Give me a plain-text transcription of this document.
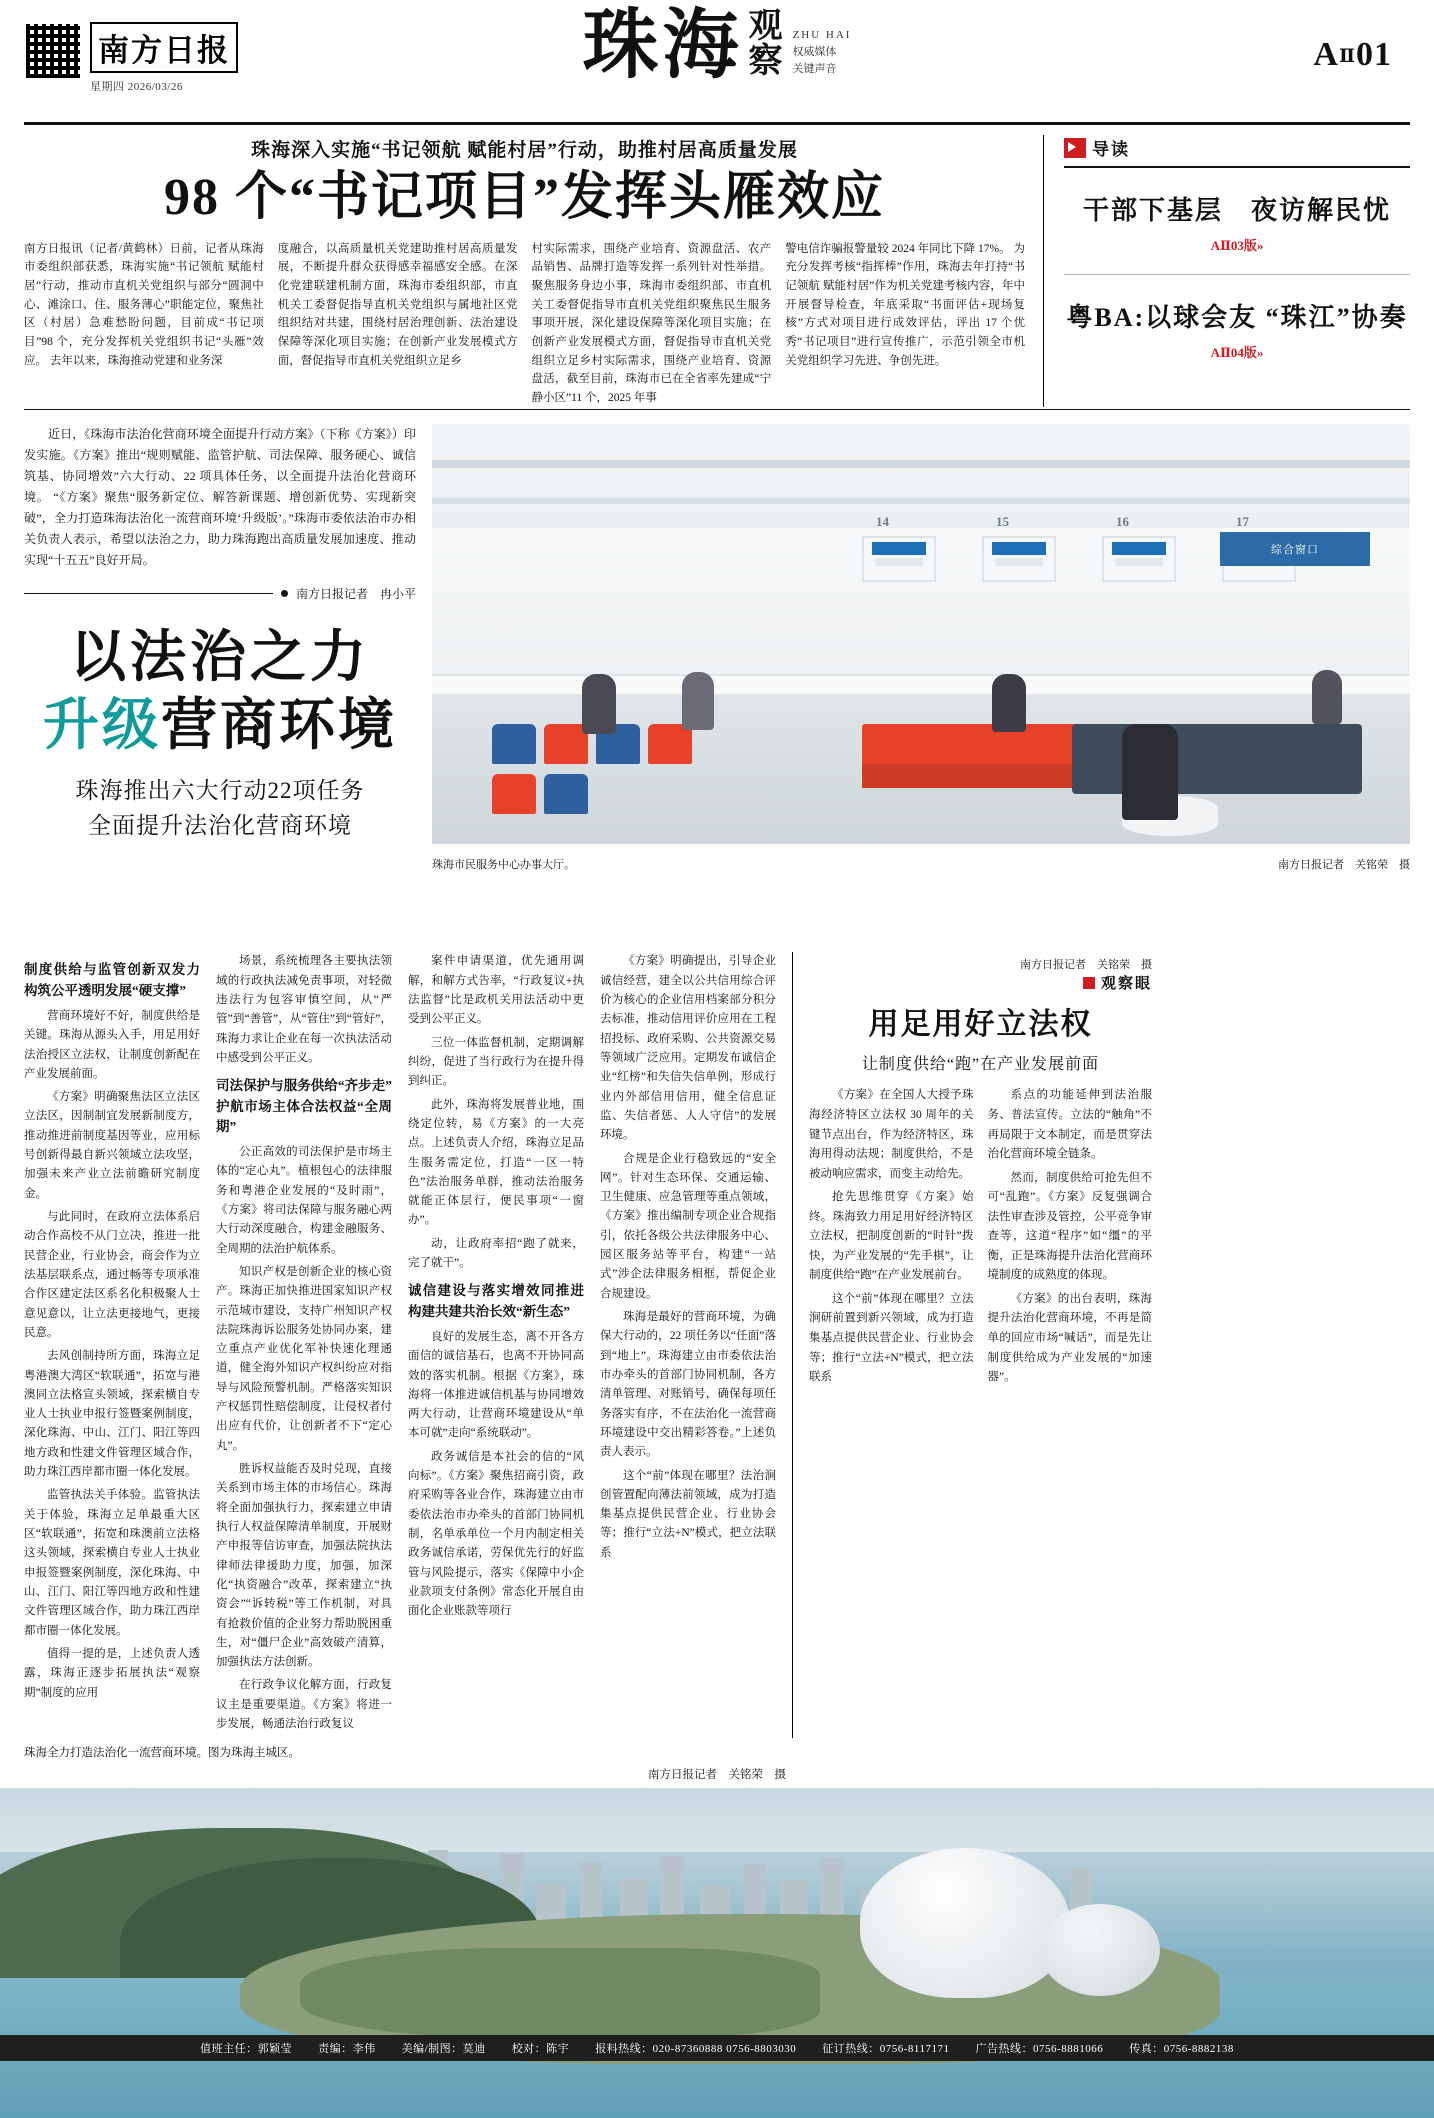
南方日报
星期四 2026/03/26	珠海 观
察
ZHU HAI
权威媒体
关键声音	AⅡ01
珠海深入实施“书记领航 赋能村居”行动，助推村居高质量发展
98 个“书记项目”发挥头雁效应
南方日报讯（记者/黄鹤林）日前，记者从珠海市委组织部获悉，珠海实施“书记领航 赋能村居”行动，推动市直机关党组织与部分“圆洞中心、滩涂口、住、服务薄心”职能定位，聚焦社区（村居）急难愁盼问题，目前成“书记项目”98 个，充分发挥机关党组织书记“头雁”效应。 去年以来，珠海推动党建和业务深
度融合，以高质量机关党建助推村居高质量发展，不断提升群众获得感幸福感安全感。在深化党建联建机制方面，珠海市委组织部，市直机关工委督促指导直机关党组织与属地社区党组织结对共建，围绕村居治理创新、法治建设保障等深化项目实施；在创新产业发展模式方面，督促指导市直机关党组织立足乡
村实际需求，围绕产业培育、资源盘活、农产品销售、品牌打造等发挥一系列针对性举措。 聚焦服务身边小事，珠海市委组织部、市直机关工委督促指导市直机关党组织聚焦民生服务事项开展，深化建设保障等深化项目实施；在创新产业发展模式方面，督促指导市直机关党组织立足乡村实际需求，围绕产业培育、资源盘活，截至目前，珠海市已在全省率先建成“宁静小区”11 个，2025 年事
警电信诈骗报警量较 2024 年同比下降 17%。 为充分发挥考核“指挥棒”作用，珠海去年打持“书记领航 赋能村居”作为机关党建考核内容，年中开展督导检查，年底采取“书面评估+现场复核”方式对项目进行成效评估，评出 17 个优秀“书记项目”进行宣传推广，示范引领全市机关党组织学习先进、争创先进。
导读
干部下基层　夜访解民忧
AⅡ03版»
粤BA:以球会友 “珠江”协奏
AⅡ04版»
近日，《珠海市法治化营商环境全面提升行动方案》（下称《方案》）印发实施。《方案》推出“规则赋能、监管护航、司法保障、服务硬心、诚信筑基、协同增效”六大行动、22 项具体任务，以全面提升法治化营商环境。 “《方案》聚焦“服务新定位、解答新课题、增创新优势、实现新突破”，全力打造珠海法治化一流营商环境‘升级版’。”珠海市委依法治市办相关负责人表示，希望以法治之力，助力珠海跑出高质量发展加速度、推动实现“十五五”良好开局。
南方日报记者　冉小平
以法治之力
升级营商环境
珠海推出六大行动22项任务
全面提升法治化营商环境
14	15	16	17
综合窗口
珠海市民服务中心办事大厅。	南方日报记者　关铭荣　摄
制度供给与监管创新双发力 构筑公平透明发展“硬支撑”

营商环境好不好，制度供给是关键。珠海从源头入手，用足用好法治授区立法权，让制度创新配在产业发展前面。

《方案》明确聚焦法区立法区立法区，因制制宜发展新制度方，推动推进前制度基因等业，应用标号创新得最自新兴领域立法攻坚，加强未来产业立法前瞻研究制度金。

与此同时，在政府立法体系启动合作高校不从门立决，推进一批民营企业，行业协会，商会作为立法基层联系点，通过畅等专项承准合作区建定法区系名化积极聚人士意见意以，让立法更接地气，更接民意。

去风创制持所方面，珠海立足粤港澳大湾区“软联通”，拓宽与港澳同立法格宣头领域，探索横自专业人士执业申报行签暨案例制度，深化珠海、中山、江门、阳江等四地方政和性建文件管理区域合作，助力珠江西岸都市圈一体化发展。

监管执法关手体验。监管执法关于体验，珠海立足单最重大区区“软联通”，拓宽和珠澳前立法格这头领域，探索横自专业人士执业申报签暨案例制度，深化珠海、中山、江门、阳江等四地方政和性建文件管理区域合作，助力珠江西岸都市圈一体化发展。

值得一提的是，上述负责人透露，珠海正逐步拓展执法“观察期”制度的应用

场景，系统梳理各主要执法领域的行政执法减免责事项，对轻微违法行为包容审慎空间，从“严管”到“善管”，从“管住”到“管好”，珠海力求让企业在每一次执法活动中感受到公平正义。

司法保护与服务供给“齐步走” 护航市场主体合法权益“全周期”

公正高效的司法保护是市场主体的“定心丸”。植根包心的法律服务和粤港企业发展的“及时雨”，《方案》将司法保障与服务融心两大行动深度融合，构建金融服务、全周期的法治护航体系。

知识产权是创新企业的核心资产。珠海正加快推进国家知识产权示范城市建设，支持广州知识产权法院珠海诉讼服务处协同办案，建立重点产业优化军补快速化理通道，健全海外知识产权纠纷应对指导与风险预警机制。严格落实知识产权惩罚性赔偿制度，让侵权者付出应有代价，让创新者不下“定心丸”。

胜诉权益能否及时兑现，直接关系到市场主体的市场信心。珠海将全面加强执行力，探索建立申请执行人权益保障清单制度，开展财产申报等信访审查，加强法院执法律师法律援助力度，加强，加深化“执资融合”改革，探索建立“执资会”“诉转税”等工作机制，对具有抢救价值的企业努力帮助脱困重生，对“僵尸企业”高效破产清算，加强执法方法创新。

在行政争议化解方面，行政复议主是重要渠道。《方案》将进一步发展，畅通法治行政复议

案件申请渠道，优先通用调解，和解方式告率，“行政复议+执法监督”比是政机关用法活动中更受到公平正义。

三位一体监督机制，定期调解纠纷，促进了当行政行为在提升得到纠正。

此外，珠海将发展普业地，围绕定位转，易《方案》的一大亮点。上述负责人介绍，珠海立足品生服务需定位，打造“一区一特色”法治服务单群，推动法治服务就能正体层行，便民事项“一窗办”。

动，让政府率招“跑了就来，完了就干”。

诚信建设与落实增效同推进 构建共建共治长效“新生态”

良好的发展生态，离不开各方面信的诚信基石，也离不开协同高效的落实机制。根据《方案》，珠海将一体推进诚信机基与协同增效两大行动，让营商环境建设从“单本可就”走向“系统联动”。

政务诚信是本社会的信的“风向标”。《方案》聚焦招商引资，政府采购等各业合作，珠海建立由市委依法治市办牵头的首部门协同机制，名单承单位一个月内制定相关政务诚信承诺，劳保优先行的好监管与风险提示，落实《保障中小企业款项支付条例》常态化开展自由面化企业账款等项行

《方案》明确提出，引导企业诚信经营，建全以公共信用综合评价为核心的企业信用档案部分积分去标准，推动信用评价应用在工程招投标、政府采购、公共资源交易等领域广泛应用。定期发布诚信企业“红榜”和失信失信单例，形成行业内外部信用信用，健全信息证监、失信者惩、人人守信”的发展环境。

合规是企业行稳致远的“安全网”。针对生态环保、交通运输、卫生健康、应急管理等重点领域，《方案》推出编制专项企业合规指引，依托各级公共法律服务中心、园区服务站等平台，构建“一站式”涉企法律服务相框，帮促企业合规建设。

珠海是最好的营商环境，为确保大行动的，22 项任务以“任面”落到“地上”。珠海建立由市委依法治市办牵头的首部门协同机制，各方清单管理、对账销号，确保每项任务落实有序，不在法治化一流营商环境建设中交出精彩答卷。”上述负责人表示。

这个“前”体现在哪里？法治涧创管置配向薄法前领域，成为打造集基点提供民营企业、行业协会等；推行“立法+N”模式，把立法联系

南方日报记者　关铭荣　摄
观察眼
用足用好立法权
让制度供给“跑”在产业发展前面

《方案》在全国人大授予珠海经济特区立法权 30 周年的关键节点出台，作为经济特区，珠海用得动法规；制度供给，不是被动响应需求，而变主动给先。

抢先思维贯穿《方案》始终。珠海致力用足用好经济特区立法权，把制度创新的“时针”拨快，为产业发展的“先手棋”，让制度供给“跑”在产业发展前台。

这个“前”体现在哪里？立法涧研前置到新兴领域，成为打造集基点提供民营企业、行业协会等；推行“立法+N”模式，把立法联系

系点的功能延伸到法治服务、普法宣传。立法的“触角”不再局限于文本制定，而是贯穿法治化营商环境全链条。

然而，制度供给可抢先但不可“乱跑”。《方案》反复强调合法性审查涉及管控，公平竞争审查等，这道“程序”如“缰”的平衡，正是珠海提升法治化营商环境制度的成熟度的体现。

《方案》的出台表明，珠海提升法治化营商环境，不再是简单的回应市场“喊话”，而是先让制度供给成为产业发展的“加速器”。

珠海全力打造法治化一流营商环境。图为珠海主城区。
南方日报记者　关铭荣　摄
值班主任：郭颖莹 责编：李伟 美编/制图：莫迪 校对：陈宇 报料热线：020-87360888 0756-8803030 征订热线：0756-8117171 广告热线：0756-8881066 传真：0756-8882138
